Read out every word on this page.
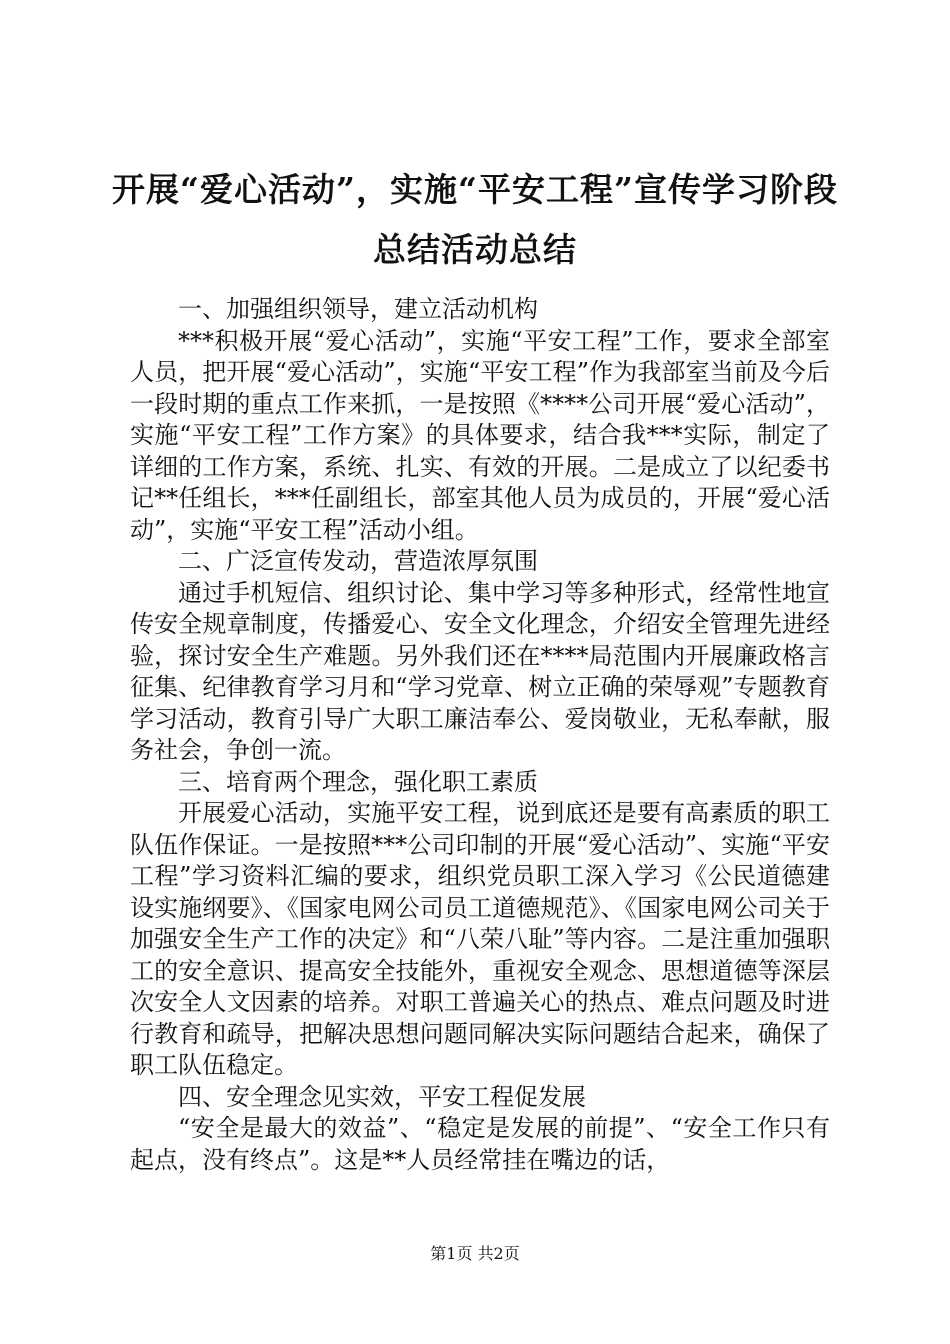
开展“爱心活动”，实施“平安工程”宣传学习阶段总结活动总结

一、加强组织领导，建立活动机构

***积极开展“爱心活动”，实施“平安工程”工作，要求全部室人员，把开展“爱心活动”，实施“平安工程”作为我部室当前及今后一段时期的重点工作来抓，一是按照《****公司开展“爱心活动”，实施“平安工程”工作方案》的具体要求，结合我***实际，制定了详细的工作方案，系统、扎实、有效的开展。二是成立了以纪委书记**任组长，***任副组长，部室其他人员为成员的，开展“爱心活动”，实施“平安工程”活动小组。

二、广泛宣传发动，营造浓厚氛围

通过手机短信、组织讨论、集中学习等多种形式，经常性地宣传安全规章制度，传播爱心、安全文化理念，介绍安全管理先进经验，探讨安全生产难题。另外我们还在****局范围内开展廉政格言征集、纪律教育学习月和“学习党章、树立正确的荣辱观”专题教育学习活动，教育引导广大职工廉洁奉公、爱岗敬业，无私奉献，服务社会，争创一流。

三、培育两个理念，强化职工素质

开展爱心活动，实施平安工程，说到底还是要有高素质的职工队伍作保证。一是按照***公司印制的开展“爱心活动”、实施“平安工程”学习资料汇编的要求，组织党员职工深入学习《公民道德建设实施纲要》、《国家电网公司员工道德规范》、《国家电网公司关于加强安全生产工作的决定》和“八荣八耻”等内容。二是注重加强职工的安全意识、提高安全技能外，重视安全观念、思想道德等深层次安全人文因素的培养。对职工普遍关心的热点、难点问题及时进行教育和疏导，把解决思想问题同解决实际问题结合起来，确保了职工队伍稳定。

四、安全理念见实效，平安工程促发展

“安全是最大的效益”、“稳定是发展的前提”、“安全工作只有起点，没有终点”。这是**人员经常挂在嘴边的话，

第1页 共2页
